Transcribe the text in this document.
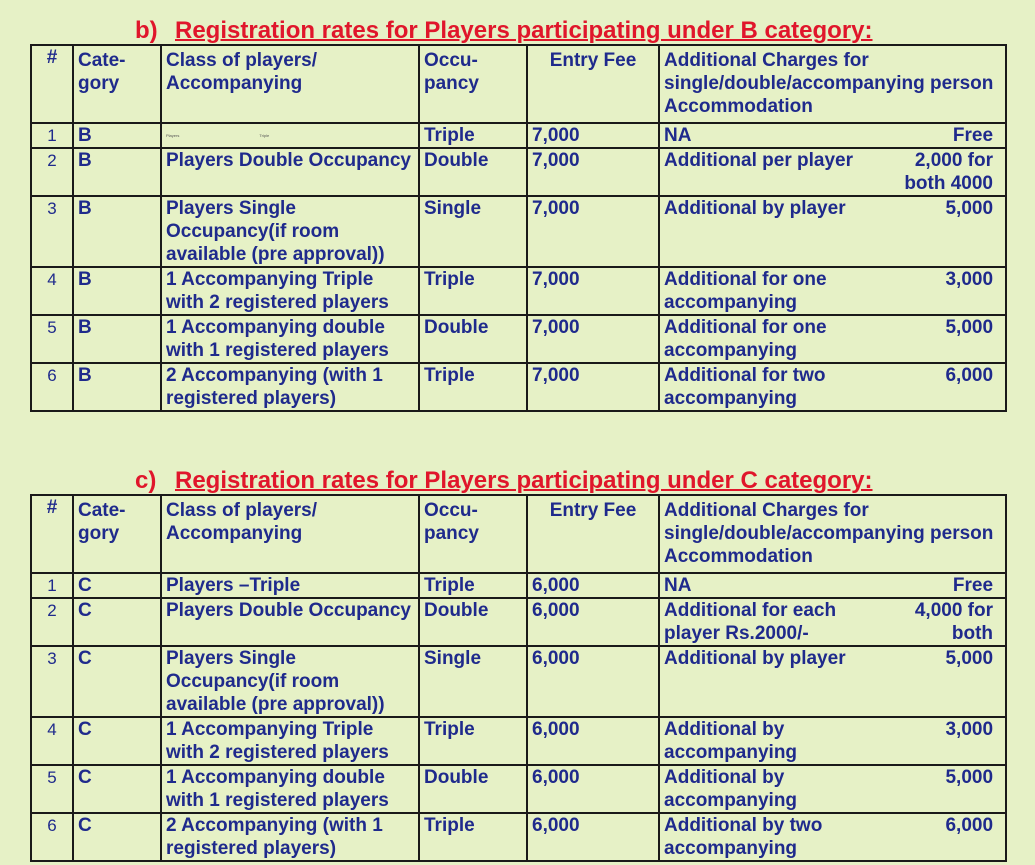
b) Registration rates for Players participating under B category:
#	Cate- gory	Class of players/ Accompanying	Occu- pancy	Entry Fee	Additional Charges for single/double/accompanying person Accommodation	
1	B	Players Triple	Triple	7,000	NA	Free
2	B	Players Double Occupancy	Double	7,000	Additional per player	2,000 for both 4000
3	B	Players Single Occupancy(if room available (pre approval))	Single	7,000	Additional by player	5,000
4	B	1 Accompanying Triple with 2 registered players	Triple	7,000	Additional for one accompanying	3,000
5	B	1 Accompanying double with 1 registered players	Double	7,000	Additional for one accompanying	5,000
6	B	2 Accompanying (with 1 registered players)	Triple	7,000	Additional for two accompanying	6,000
c) Registration rates for Players participating under C category:
#	Cate- gory	Class of players/ Accompanying	Occu- pancy	Entry Fee	Additional Charges for single/double/accompanying person Accommodation	
1	C	Players –Triple	Triple	6,000	NA	Free
2	C	Players Double Occupancy	Double	6,000	Additional for each player Rs.2000/-	4,000 for both
3	C	Players Single Occupancy(if room available (pre approval))	Single	6,000	Additional by player	5,000
4	C	1 Accompanying Triple with 2 registered players	Triple	6,000	Additional by accompanying	3,000
5	C	1 Accompanying double with 1 registered players	Double	6,000	Additional by accompanying	5,000
6	C	2 Accompanying (with 1 registered players)	Triple	6,000	Additional by two accompanying	6,000
